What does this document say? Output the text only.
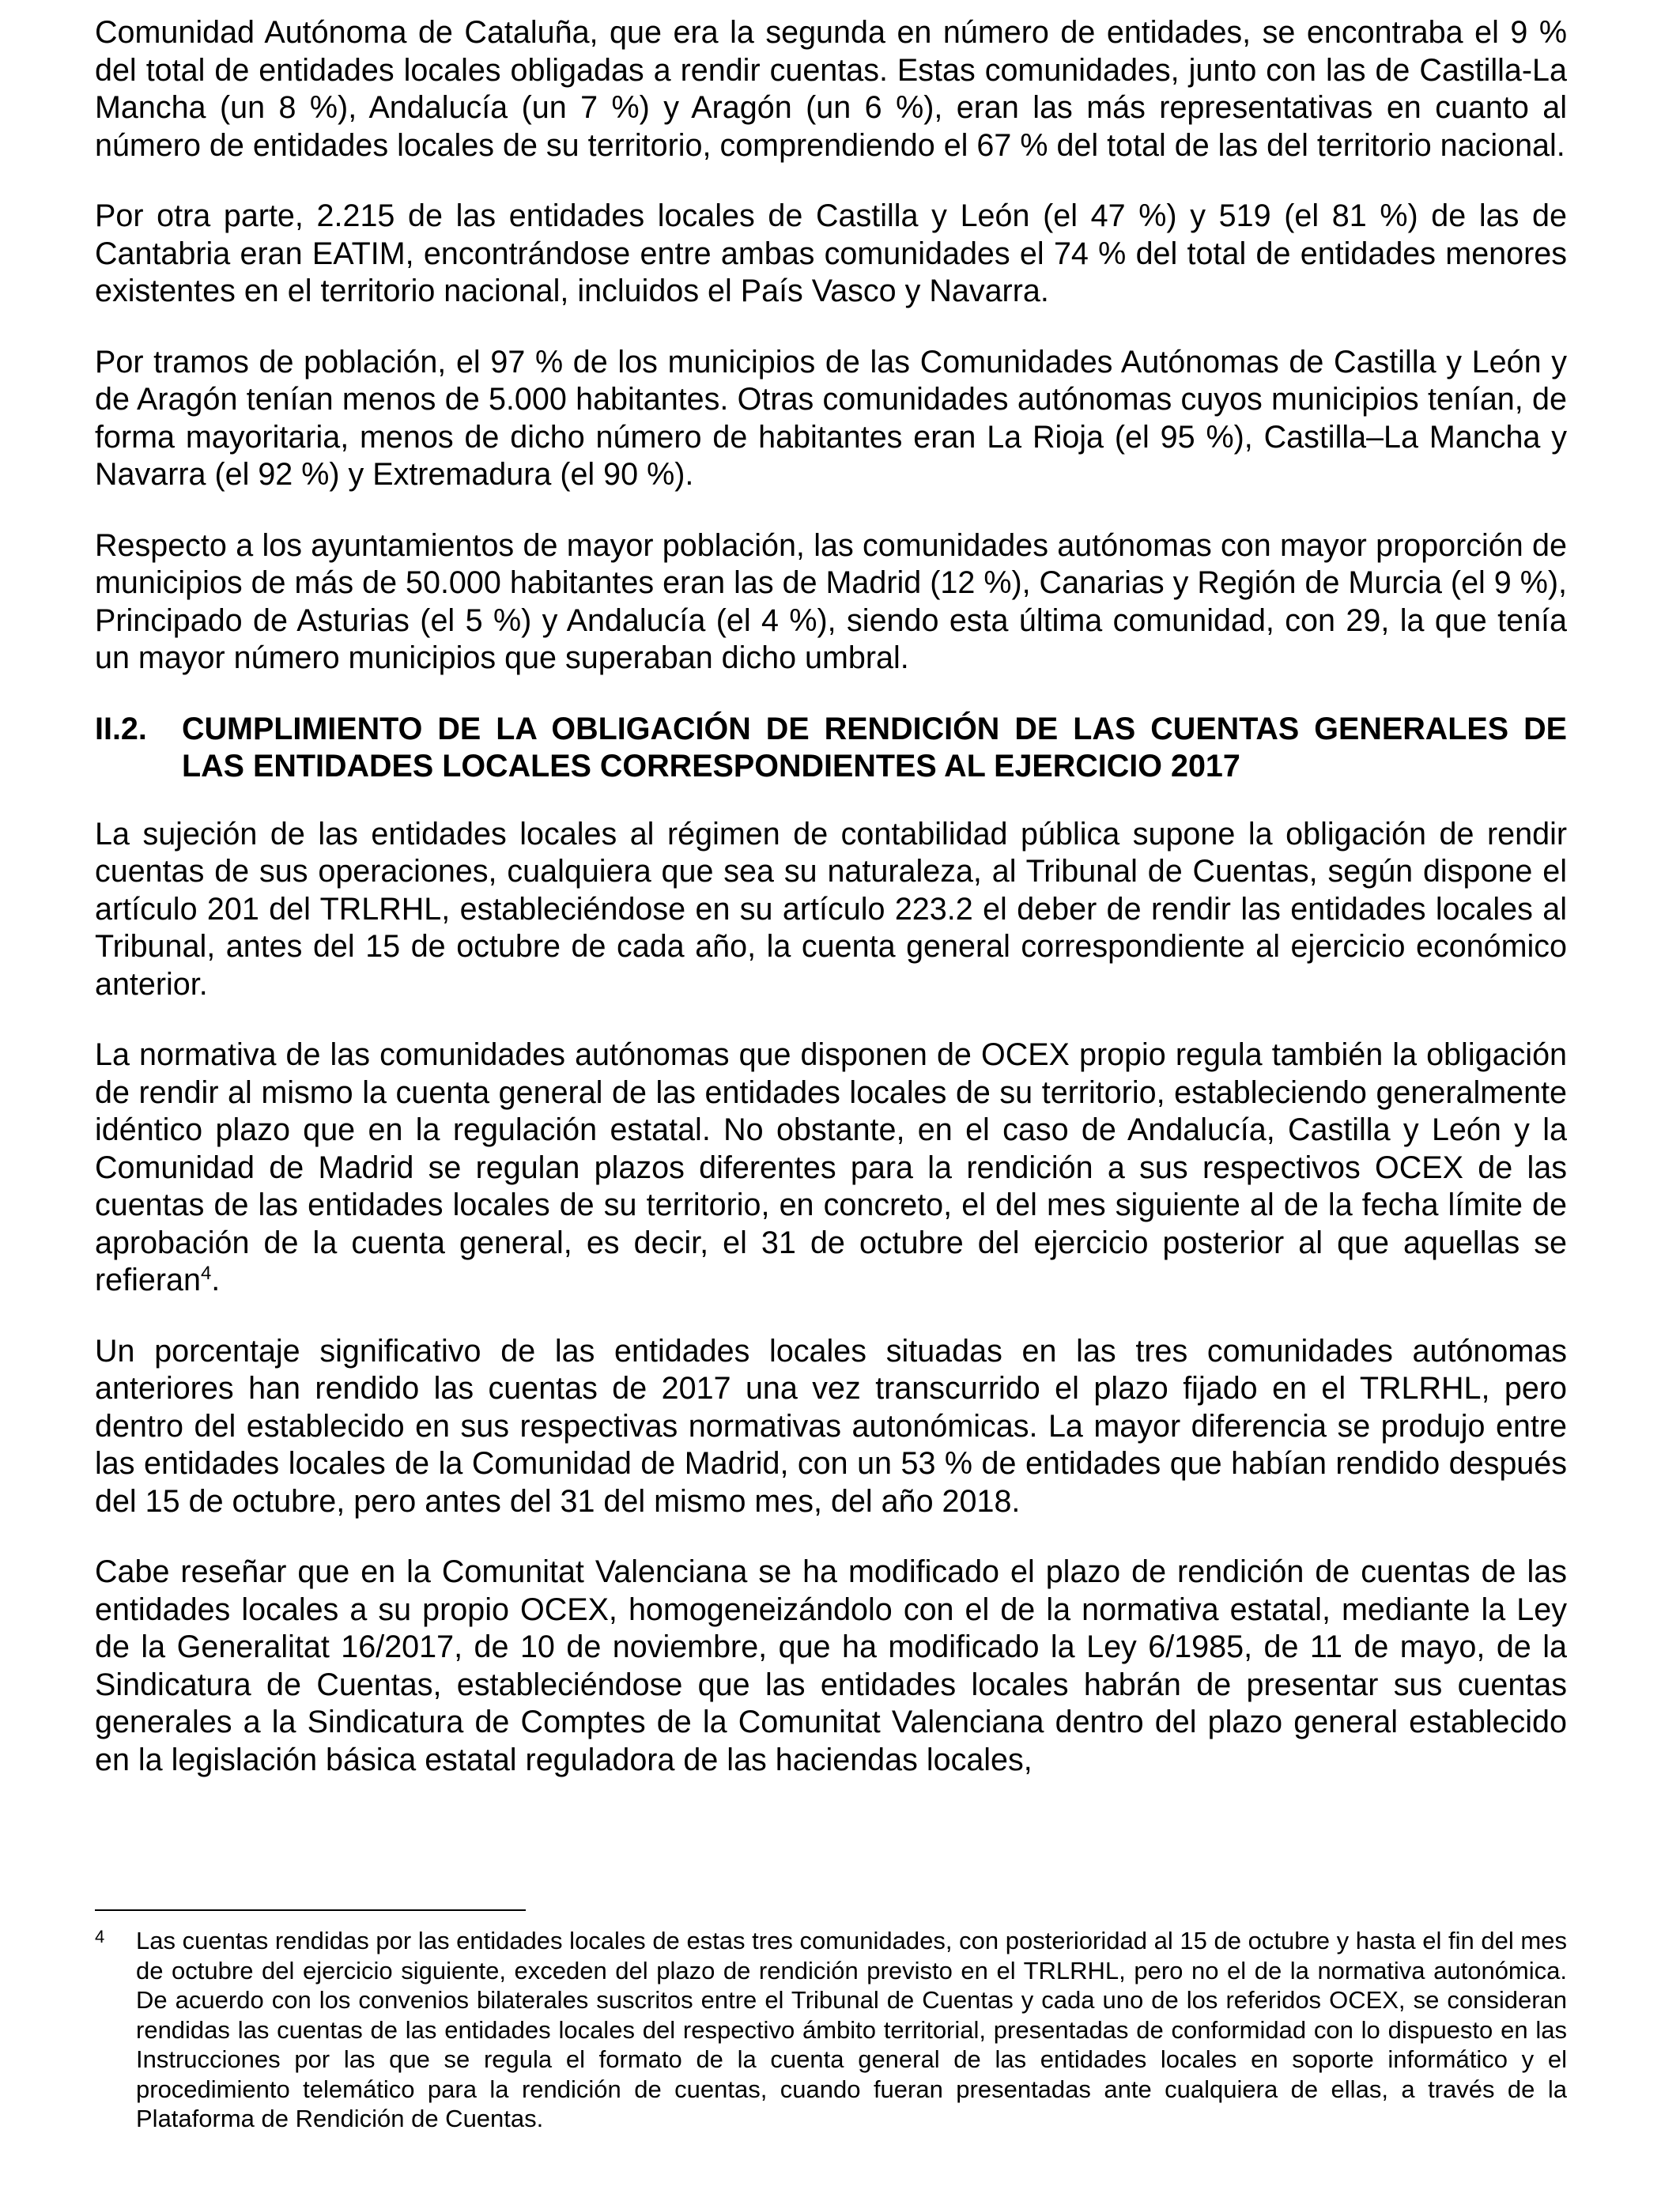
Comunidad Autónoma de Cataluña, que era la segunda en número de entidades, se encontraba el 9 % del total de entidades locales obligadas a rendir cuentas. Estas comunidades, junto con las de Castilla-La Mancha (un 8 %), Andalucía (un 7 %) y Aragón (un 6 %), eran las más representativas en cuanto al número de entidades locales de su territorio, comprendiendo el 67 % del total de las del territorio nacional.

Por otra parte, 2.215 de las entidades locales de Castilla y León (el 47 %) y 519 (el 81 %) de las de Cantabria eran EATIM, encontrándose entre ambas comunidades el 74 % del total de entidades menores existentes en el territorio nacional, incluidos el País Vasco y Navarra.

Por tramos de población, el 97 % de los municipios de las Comunidades Autónomas de Castilla y León y de Aragón tenían menos de 5.000 habitantes. Otras comunidades autónomas cuyos municipios tenían, de forma mayoritaria, menos de dicho número de habitantes eran La Rioja (el 95 %), Castilla–La Mancha y Navarra (el 92 %) y Extremadura (el 90 %).

Respecto a los ayuntamientos de mayor población, las comunidades autónomas con mayor proporción de municipios de más de 50.000 habitantes eran las de Madrid (12 %), Canarias y Región de Murcia (el 9 %), Principado de Asturias (el 5 %) y Andalucía (el 4 %), siendo esta última comunidad, con 29, la que tenía un mayor número municipios que superaban dicho umbral.

II.2.	CUMPLIMIENTO DE LA OBLIGACIÓN DE RENDICIÓN DE LAS CUENTAS GENERALES DE LAS ENTIDADES LOCALES CORRESPONDIENTES AL EJERCICIO 2017

La sujeción de las entidades locales al régimen de contabilidad pública supone la obligación de rendir cuentas de sus operaciones, cualquiera que sea su naturaleza, al Tribunal de Cuentas, según dispone el artículo 201 del TRLRHL, estableciéndose en su artículo 223.2 el deber de rendir las entidades locales al Tribunal, antes del 15 de octubre de cada año, la cuenta general correspondiente al ejercicio económico anterior.

La normativa de las comunidades autónomas que disponen de OCEX propio regula también la obligación de rendir al mismo la cuenta general de las entidades locales de su territorio, estableciendo generalmente idéntico plazo que en la regulación estatal. No obstante, en el caso de Andalucía, Castilla y León y la Comunidad de Madrid se regulan plazos diferentes para la rendición a sus respectivos OCEX de las cuentas de las entidades locales de su territorio, en concreto, el del mes siguiente al de la fecha límite de aprobación de la cuenta general, es decir, el 31 de octubre del ejercicio posterior al que aquellas se refieran$^4$.

Un porcentaje significativo de las entidades locales situadas en las tres comunidades autónomas anteriores han rendido las cuentas de 2017 una vez transcurrido el plazo fijado en el TRLRHL, pero dentro del establecido en sus respectivas normativas autonómicas. La mayor diferencia se produjo entre las entidades locales de la Comunidad de Madrid, con un 53 % de entidades que habían rendido después del 15 de octubre, pero antes del 31 del mismo mes, del año 2018.

Cabe reseñar que en la Comunitat Valenciana se ha modificado el plazo de rendición de cuentas de las entidades locales a su propio OCEX, homogeneizándolo con el de la normativa estatal, mediante la Ley de la Generalitat 16/2017, de 10 de noviembre, que ha modificado la Ley 6/1985, de 11 de mayo, de la Sindicatura de Cuentas, estableciéndose que las entidades locales habrán de presentar sus cuentas generales a la Sindicatura de Comptes de la Comunitat Valenciana dentro del plazo general establecido en la legislación básica estatal reguladora de las haciendas locales,

4	Las cuentas rendidas por las entidades locales de estas tres comunidades, con posterioridad al 15 de octubre y hasta el fin del mes de octubre del ejercicio siguiente, exceden del plazo de rendición previsto en el TRLRHL, pero no el de la normativa autonómica. De acuerdo con los convenios bilaterales suscritos entre el Tribunal de Cuentas y cada uno de los referidos OCEX, se consideran rendidas las cuentas de las entidades locales del respectivo ámbito territorial, presentadas de conformidad con lo dispuesto en las Instrucciones por las que se regula el formato de la cuenta general de las entidades locales en soporte informático y el procedimiento telemático para la rendición de cuentas, cuando fueran presentadas ante cualquiera de ellas, a través de la Plataforma de Rendición de Cuentas.
